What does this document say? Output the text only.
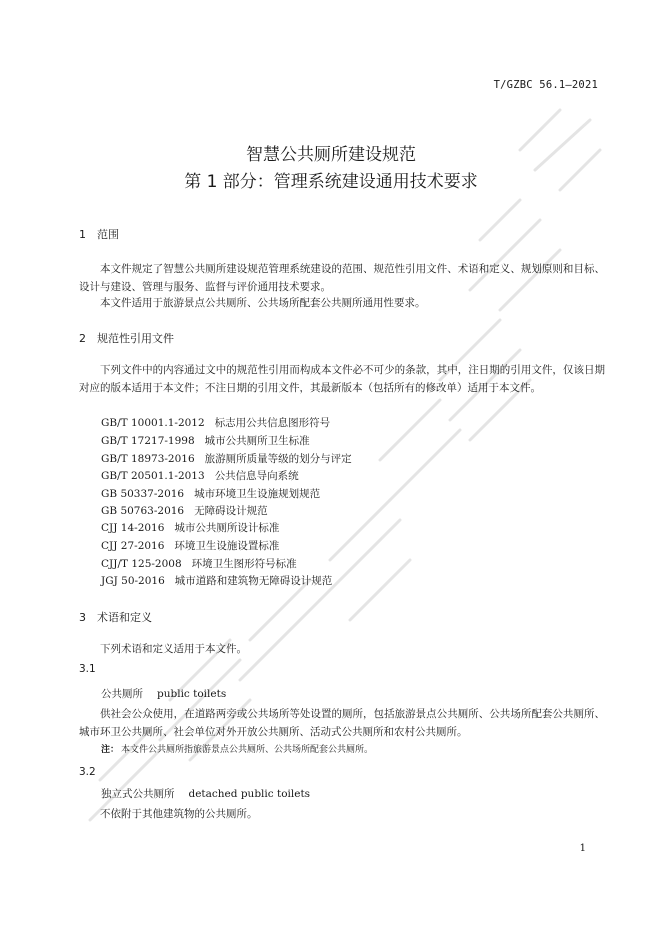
T/GZBC 56.1—2021
智慧公共厕所建设规范
第 1 部分：管理系统建设通用技术要求
1 范围

本文件规定了智慧公共厕所建设规范管理系统建设的范围、规范性引用文件、术语和定义、规划原则和目标、设计与建设、管理与服务、监督与评价通用技术要求。

本文件适用于旅游景点公共厕所、公共场所配套公共厕所通用性要求。

2 规范性引用文件

下列文件中的内容通过文中的规范性引用而构成本文件必不可少的条款，其中，注日期的引用文件，仅该日期对应的版本适用于本文件；不注日期的引用文件，其最新版本（包括所有的修改单）适用于本文件。

GB/T 10001.1-2012 标志用公共信息图形符号
GB/T 17217-1998 城市公共厕所卫生标准
GB/T 18973-2016 旅游厕所质量等级的划分与评定
GB/T 20501.1-2013 公共信息导向系统
GB 50337-2016 城市环境卫生设施规划规范
GB 50763-2016 无障碍设计规范
CJJ 14-2016 城市公共厕所设计标准
CJJ 27-2016 环境卫生设施设置标准
CJJ/T 125-2008 环境卫生图形符号标准
JGJ 50-2016 城市道路和建筑物无障碍设计规范
3 术语和定义

下列术语和定义适用于本文件。

3.1
公共厕所 public toilets

供社会公众使用，在道路两旁或公共场所等处设置的厕所，包括旅游景点公共厕所、公共场所配套公共厕所、城市环卫公共厕所、社会单位对外开放公共厕所、活动式公共厕所和农村公共厕所。

注： 本文件公共厕所指旅游景点公共厕所、公共场所配套公共厕所。
3.2
独立式公共厕所 detached public toilets

不依附于其他建筑物的公共厕所。

1
